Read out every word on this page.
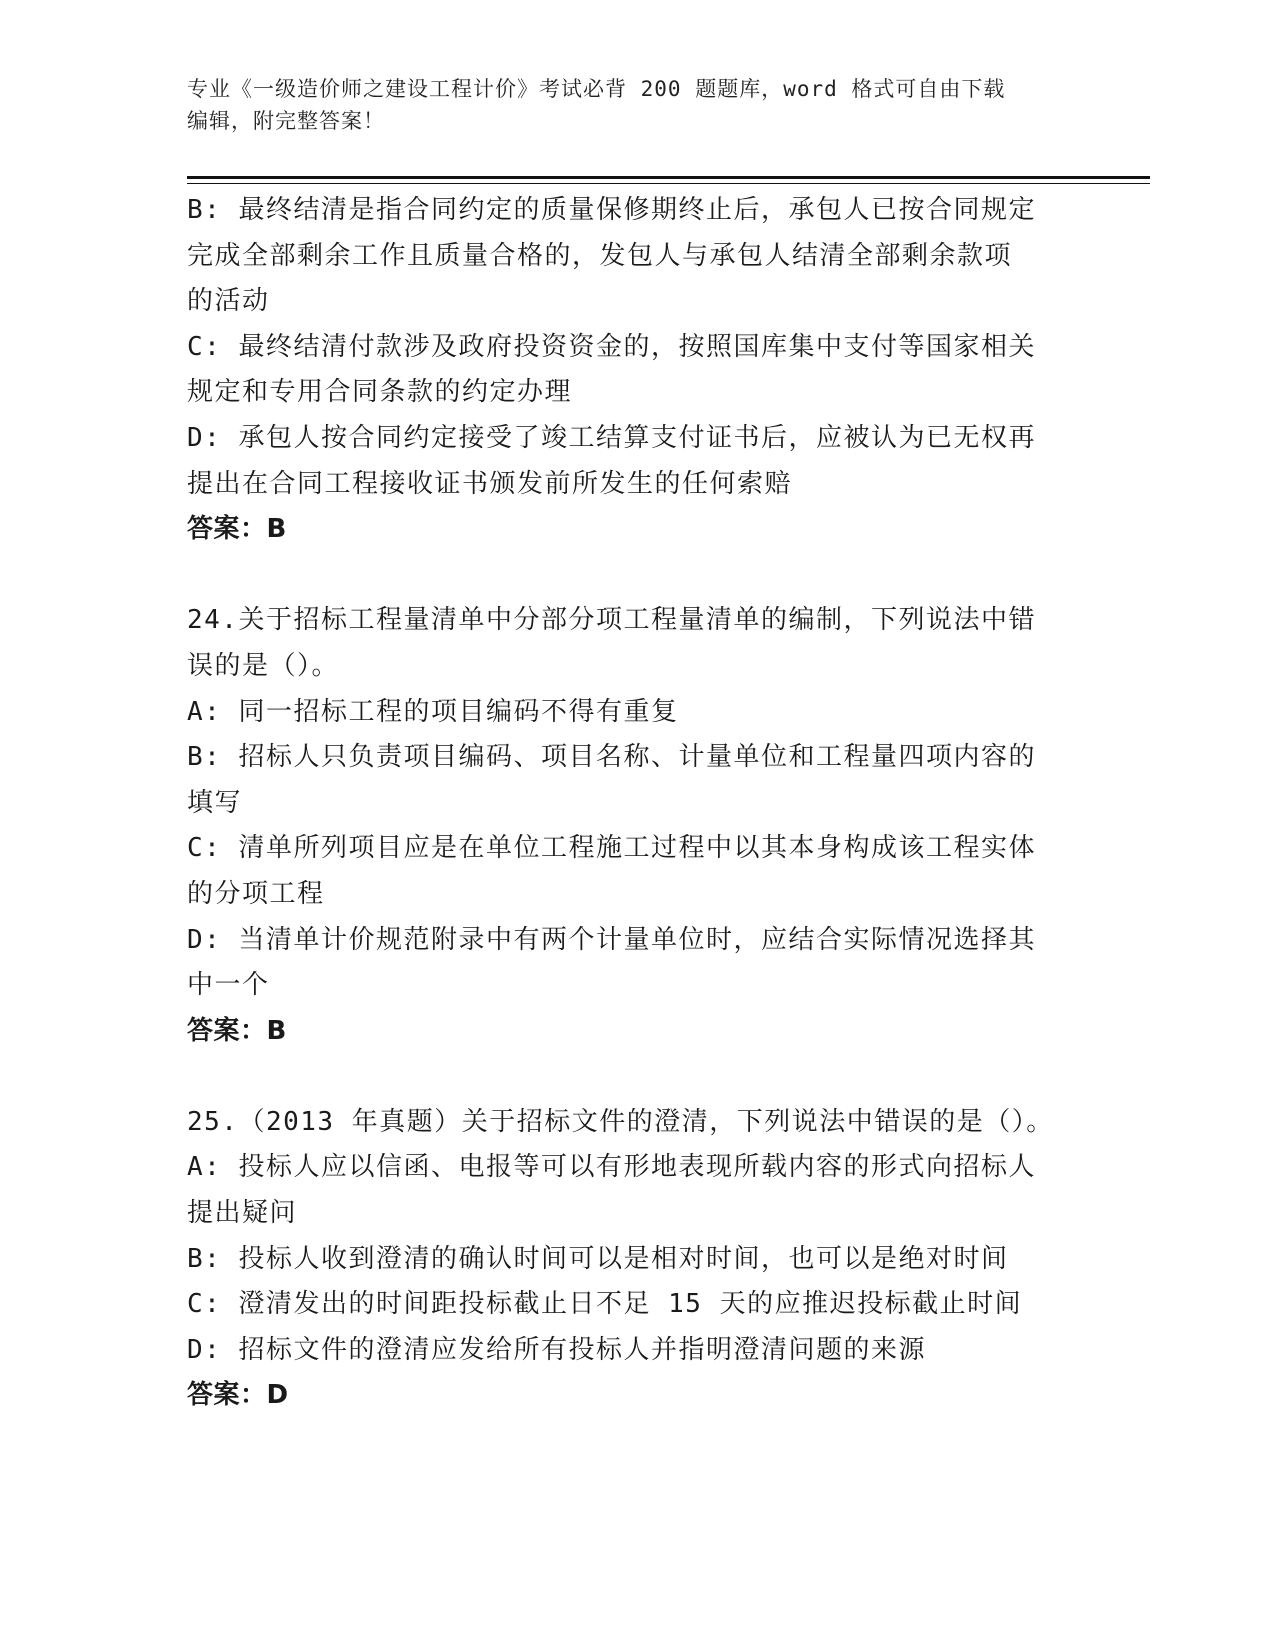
专业《一级造价师之建设工程计价》考试必背 200 题题库，word 格式可自由下载
编辑，附完整答案！
B: 最终结清是指合同约定的质量保修期终止后，承包人已按合同规定
完成全部剩余工作且质量合格的，发包人与承包人结清全部剩余款项
的活动
C: 最终结清付款涉及政府投资资金的，按照国库集中支付等国家相关
规定和专用合同条款的约定办理
D: 承包人按合同约定接受了竣工结算支付证书后，应被认为已无权再
提出在合同工程接收证书颁发前所发生的任何索赔
答案：B
24.关于招标工程量清单中分部分项工程量清单的编制，下列说法中错
误的是（）。
A: 同一招标工程的项目编码不得有重复
B: 招标人只负责项目编码、项目名称、计量单位和工程量四项内容的
填写
C: 清单所列项目应是在单位工程施工过程中以其本身构成该工程实体
的分项工程
D: 当清单计价规范附录中有两个计量单位时，应结合实际情况选择其
中一个
答案：B
25.（2013 年真题）关于招标文件的澄清，下列说法中错误的是（）。
A: 投标人应以信函、电报等可以有形地表现所载内容的形式向招标人
提出疑问
B: 投标人收到澄清的确认时间可以是相对时间，也可以是绝对时间
C: 澄清发出的时间距投标截止日不足 15 天的应推迟投标截止时间
D: 招标文件的澄清应发给所有投标人并指明澄清问题的来源
答案：D
